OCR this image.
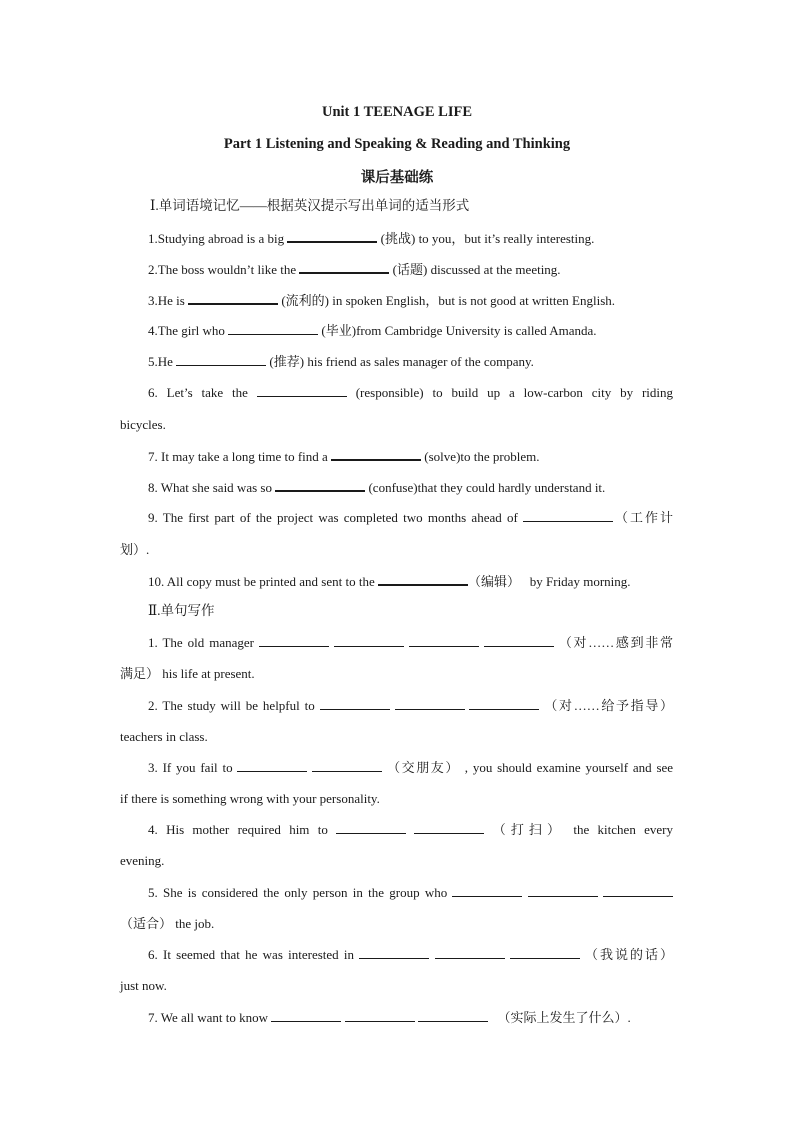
Unit 1 TEENAGE LIFE
Part 1 Listening and Speaking & Reading and Thinking
课后基础练
Ⅰ.单词语境记忆——根据英汉提示写出单词的适当形式
1.Studying abroad is a big	(挑战) to you，but it’s really interesting.
2.The boss wouldn’t like the	(话题) discussed at the meeting.
3.He is	(流利的) in spoken English，but is not good at written English.
4.The girl who	(毕业)from Cambridge University is called Amanda.
5.He	(推荐) his friend as sales manager of the company.
6. Let’s take the	(responsible) to build up a low-carbon city by riding
bicycles.
7. It may take a long time to find a	(solve)to the problem.
8. What she said was so	(confuse)that they could hardly understand it.
9. The first part of the project was completed two months ahead of	（工作计
划）.
10. All copy must be printed and sent to the	（编辑） by Friday morning.
Ⅱ.单句写作
1. The old manager	（对……感到非常
满足） his life at present.
2. The study will be helpful to	（对……给予指导）
teachers in class.
3. If you fail to	（交朋友） , you should examine yourself and see
if there is something wrong with your personality.
4. His mother required him to	（打扫） the kitchen every
evening.
5. She is considered the only person in the group who
（适合） the job.
6. It seemed that he was interested in	（我说的话）
just now.
7. We all want to know	（实际上发生了什么）.
